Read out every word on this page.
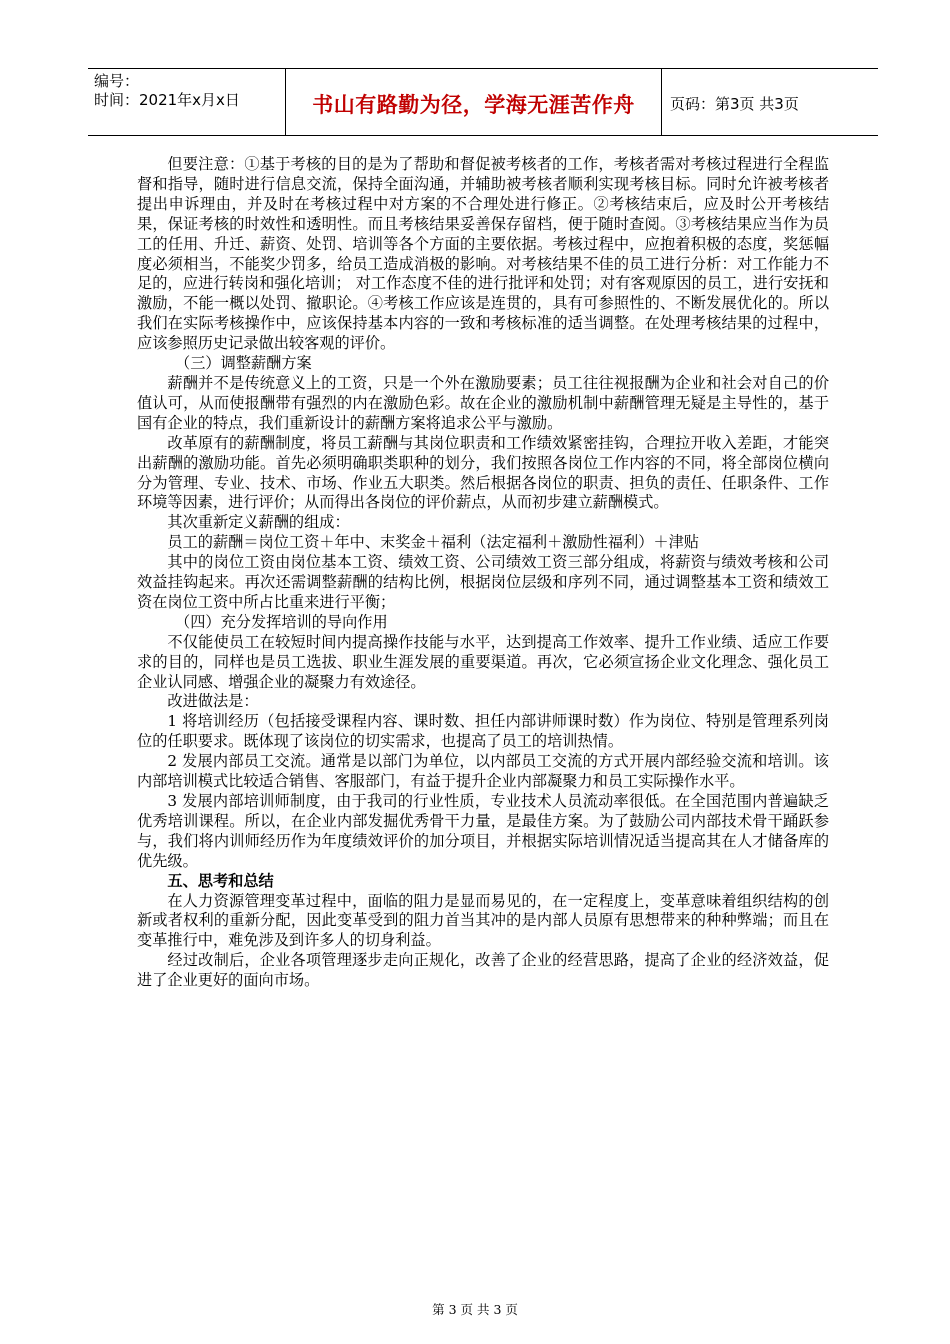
编号：
时间：2021年x月x日	书山有路勤为径，学海无涯苦作舟 页码：第3页 共3页

但要注意：①基于考核的目的是为了帮助和督促被考核者的工作，考核者需对考核过程进行全程监督和指导，随时进行信息交流，保持全面沟通，并辅助被考核者顺利实现考核目标。同时允许被考核者提出申诉理由，并及时在考核过程中对方案的不合理处进行修正。②考核结束后，应及时公开考核结果，保证考核的时效性和透明性。而且考核结果妥善保存留档，便于随时查阅。③考核结果应当作为员工的任用、升迁、薪资、处罚、培训等各个方面的主要依据。考核过程中，应抱着积极的态度，奖惩幅度必须相当，不能奖少罚多，给员工造成消极的影响。对考核结果不佳的员工进行分析：对工作能力不足的，应进行转岗和强化培训； 对工作态度不佳的进行批评和处罚；对有客观原因的员工，进行安抚和激励，不能一概以处罚、撤职论。④考核工作应该是连贯的，具有可参照性的、不断发展优化的。所以我们在实际考核操作中，应该保持基本内容的一致和考核标准的适当调整。在处理考核结果的过程中，应该参照历史记录做出较客观的评价。

（三）调整薪酬方案

薪酬并不是传统意义上的工资，只是一个外在激励要素；员工往往视报酬为企业和社会对自己的价值认可，从而使报酬带有强烈的内在激励色彩。故在企业的激励机制中薪酬管理无疑是主导性的，基于国有企业的特点，我们重新设计的薪酬方案将追求公平与激励。

改革原有的薪酬制度，将员工薪酬与其岗位职责和工作绩效紧密挂钩，合理拉开收入差距，才能突出薪酬的激励功能。首先必须明确职类职种的划分，我们按照各岗位工作内容的不同，将全部岗位横向分为管理、专业、技术、市场、作业五大职类。然后根据各岗位的职责、担负的责任、任职条件、工作环境等因素，进行评价；从而得出各岗位的评价薪点，从而初步建立薪酬模式。

其次重新定义薪酬的组成：

员工的薪酬＝岗位工资＋年中、末奖金＋福利（法定福利＋激励性福利）＋津贴

其中的岗位工资由岗位基本工资、绩效工资、公司绩效工资三部分组成，将薪资与绩效考核和公司效益挂钩起来。再次还需调整薪酬的结构比例，根据岗位层级和序列不同，通过调整基本工资和绩效工资在岗位工资中所占比重来进行平衡；

（四）充分发挥培训的导向作用

不仅能使员工在较短时间内提高操作技能与水平，达到提高工作效率、提升工作业绩、适应工作要求的目的，同样也是员工选拔、职业生涯发展的重要渠道。再次，它必须宣扬企业文化理念、强化员工企业认同感、增强企业的凝聚力有效途径。

改进做法是：

1 将培训经历（包括接受课程内容、课时数、担任内部讲师课时数）作为岗位、特别是管理系列岗位的任职要求。既体现了该岗位的切实需求，也提高了员工的培训热情。

2 发展内部员工交流。通常是以部门为单位，以内部员工交流的方式开展内部经验交流和培训。该内部培训模式比较适合销售、客服部门，有益于提升企业内部凝聚力和员工实际操作水平。

3 发展内部培训师制度，由于我司的行业性质，专业技术人员流动率很低。在全国范围内普遍缺乏优秀培训课程。所以，在企业内部发掘优秀骨干力量，是最佳方案。为了鼓励公司内部技术骨干踊跃参与，我们将内训师经历作为年度绩效评价的加分项目，并根据实际培训情况适当提高其在人才储备库的优先级。

五、思考和总结

在人力资源管理变革过程中，面临的阻力是显而易见的，在一定程度上，变革意味着组织结构的创新或者权利的重新分配，因此变革受到的阻力首当其冲的是内部人员原有思想带来的种种弊端；而且在变革推行中，难免涉及到许多人的切身利益。

经过改制后，企业各项管理逐步走向正规化，改善了企业的经营思路，提高了企业的经济效益，促进了企业更好的面向市场。

第 3 页 共 3 页
